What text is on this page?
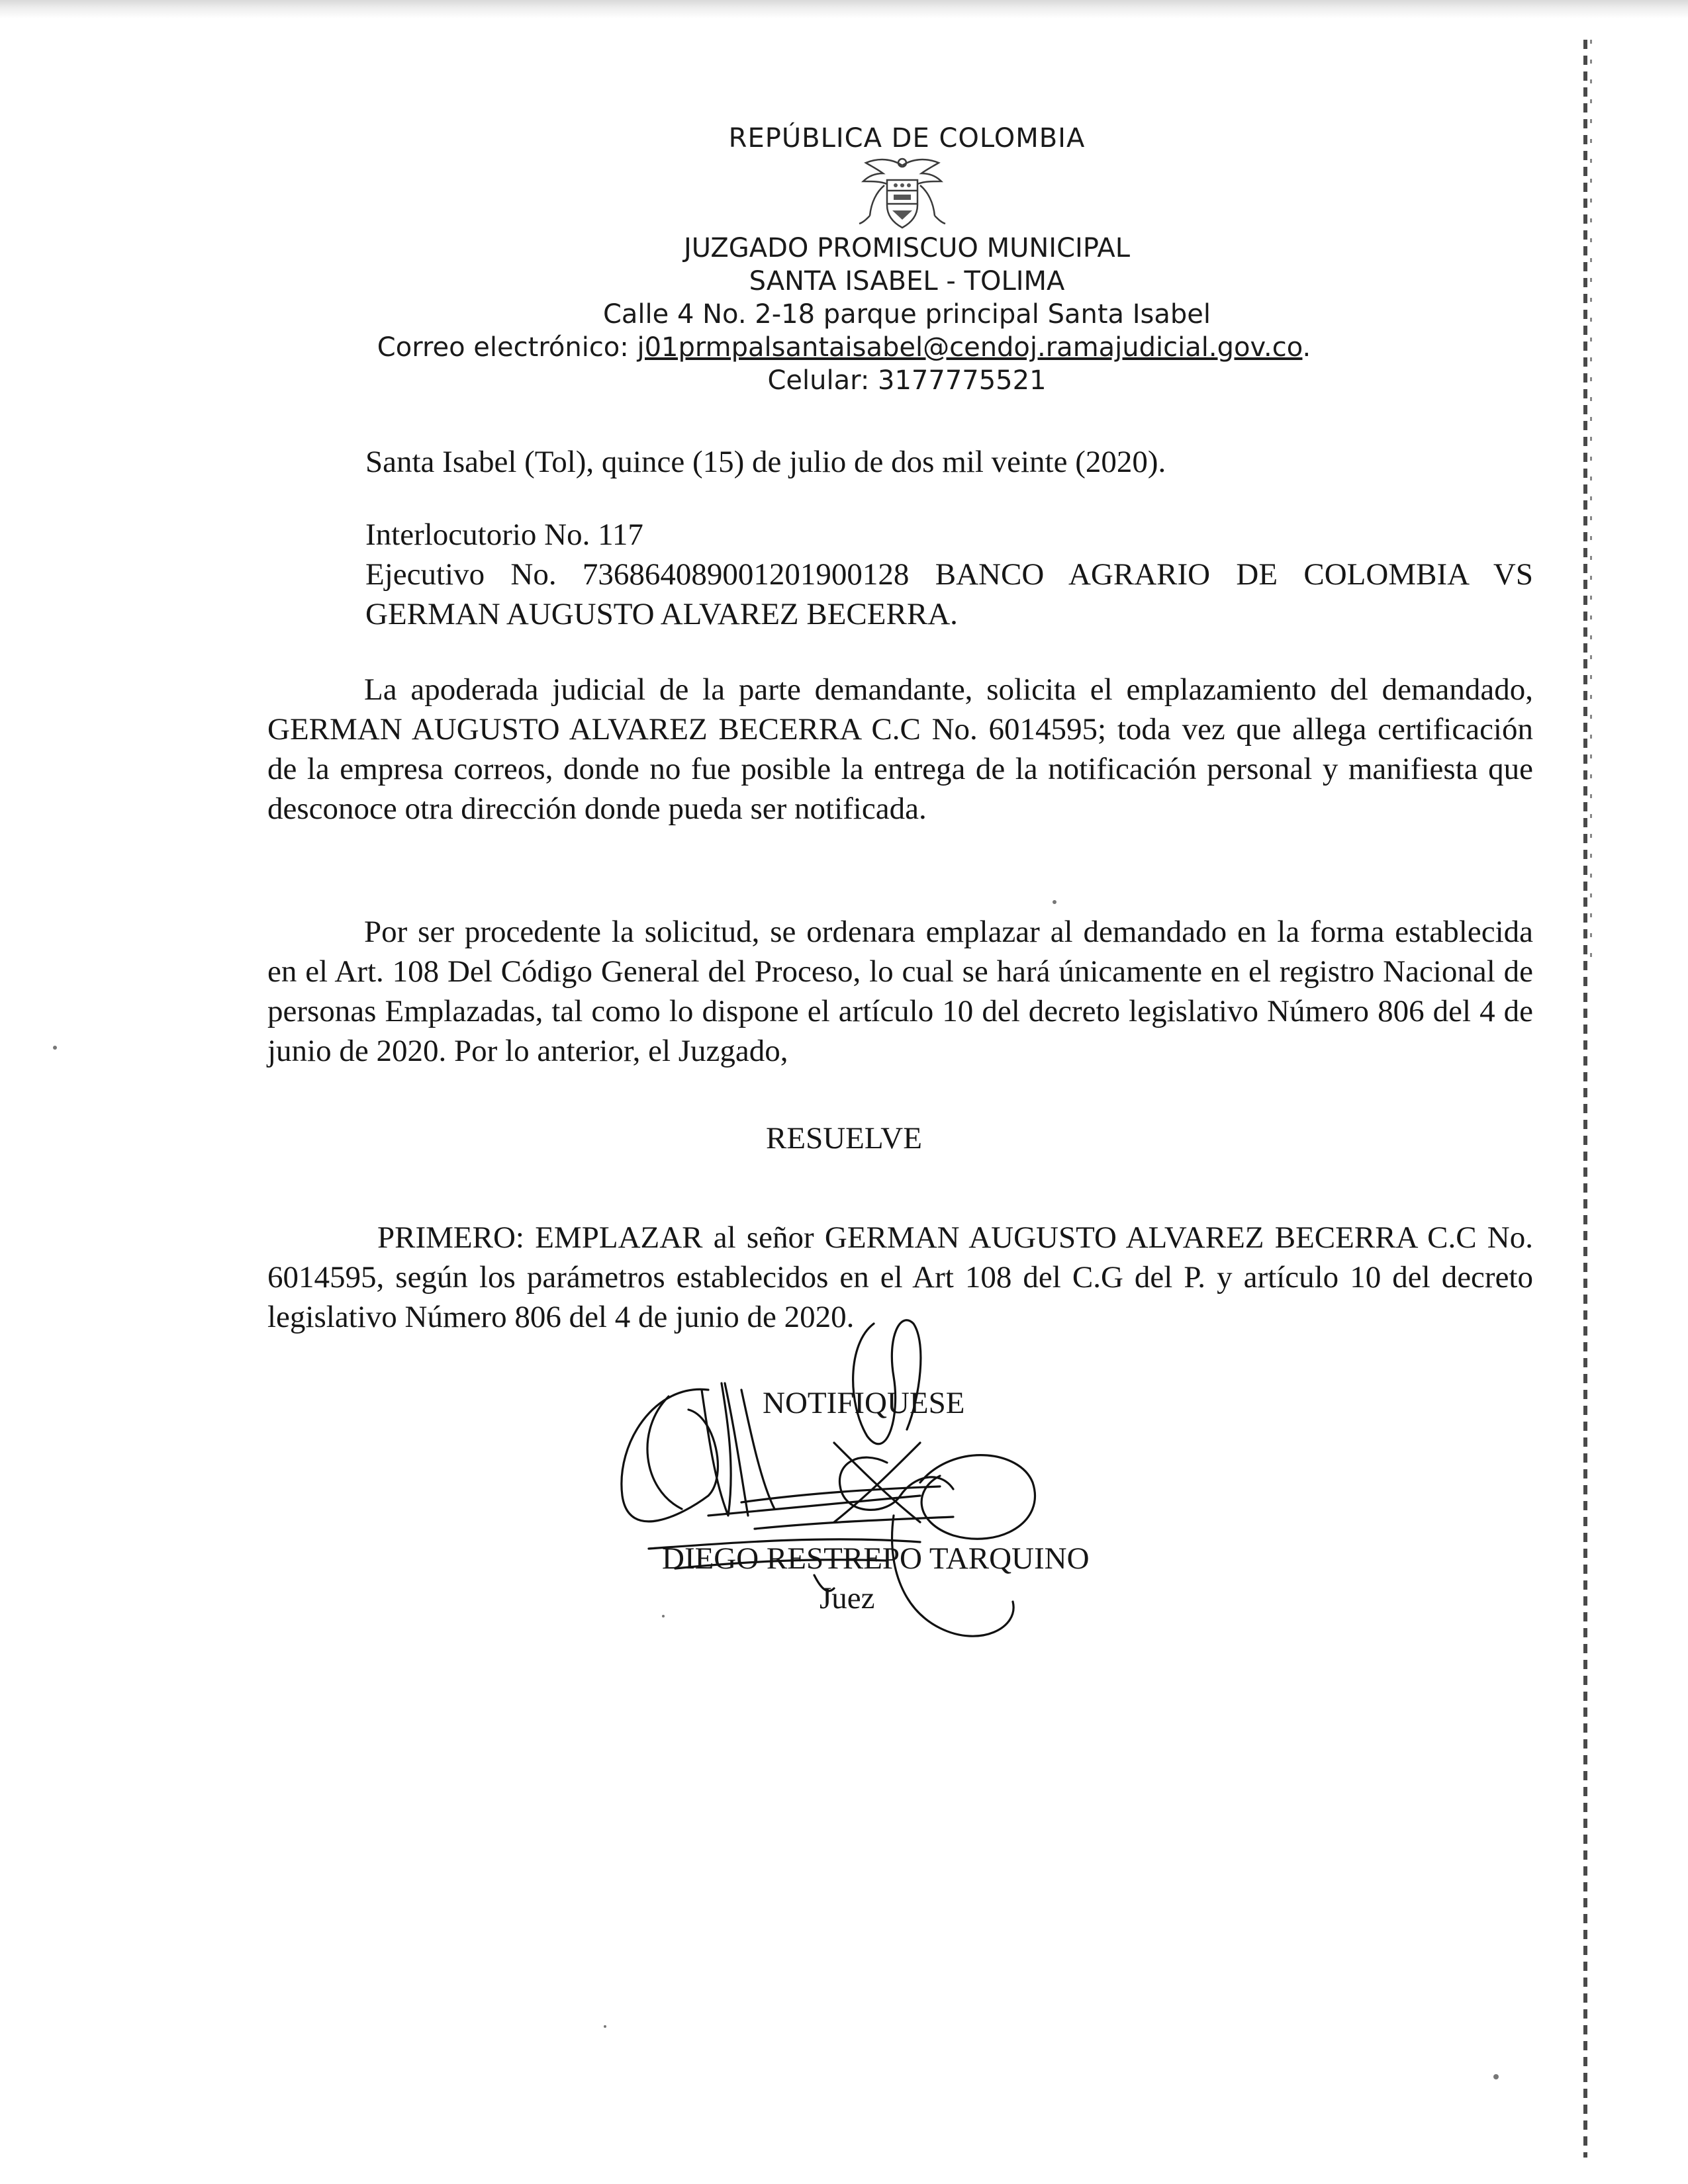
REPÚBLICA DE COLOMBIA
JUZGADO PROMISCUO MUNICIPAL
SANTA ISABEL - TOLIMA
Calle 4 No. 2-18 parque principal Santa Isabel
Correo electrónico: j01prmpalsantaisabel@cendoj.ramajudicial.gov.co.
Celular: 3177775521
Santa Isabel (Tol), quince (15) de julio de dos mil veinte (2020).
Interlocutorio No. 117
Ejecutivo No. 73686408900120190012​8 BANCO AGRARIO DE COLOMBIA VS
GERMAN AUGUSTO ALVAREZ BECERRA.
La apoderada judicial de la parte demandante, solicita el emplazamiento del demandado, GERMAN AUGUSTO ALVAREZ BECERRA C.C No. 6014595; toda vez que allega certificación de la empresa correos, donde no fue posible la entrega de la notificación personal y manifiesta que desconoce otra dirección donde pueda ser notificada.
Por ser procedente la solicitud, se ordenara emplazar al demandado en la forma establecida en el Art. 108 Del Código General del Proceso, lo cual se hará únicamente en el registro Nacional de personas Emplazadas, tal como lo dispone el artículo 10 del decreto legislativo Número 806 del 4 de junio de 2020. Por lo anterior, el Juzgado,
RESUELVE
PRIMERO: EMPLAZAR al señor GERMAN AUGUSTO ALVAREZ BECERRA C.C No. 6014595, según los parámetros establecidos en el Art 108 del C.G del P. y artículo 10 del decreto legislativo Número 806 del 4 de junio de 2020.
NOTIFIQUESE
DIEGO RESTREPO TARQUINO
Juez
